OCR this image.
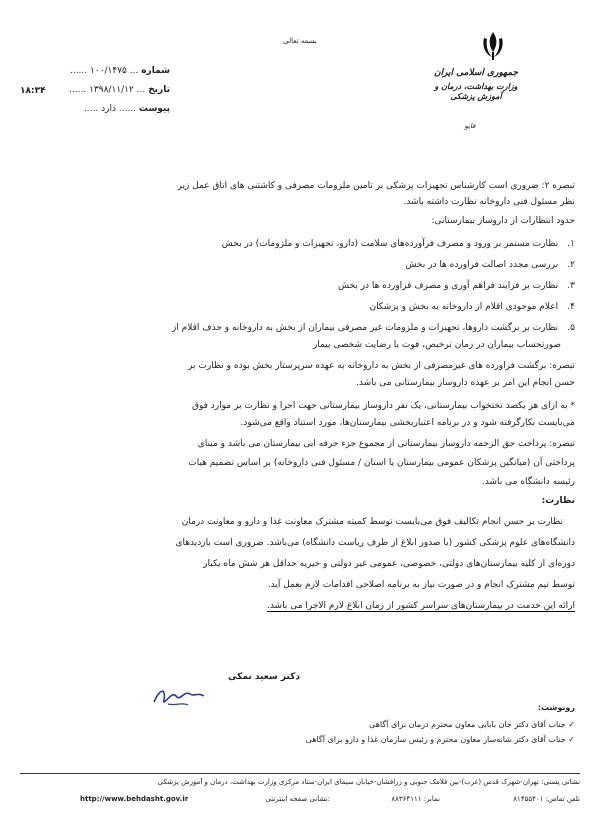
بسمه تعالی
جمهوری اسلامی ایران
وزارت بهداشت، درمان و آموزش پزشکی
فایو
شماره ... ۱۰۰/۱۴۷۵ ......
تاریخ ... ۱۳۹۸/۱۱/۱۲ ......
۱۸:۳۴
پیوست ...... دارد .....
تبصره ۲: ضروری است کارشناس تجهیزات پزشکی بر تامین ملزومات مصرفی و کاشتنی های اتاق عمل زیر
نظر مسئول فنی داروخانه نظارت داشته باشد.
حدود انتظارات از داروساز بیمارستانی:
۱. نظارت مستمر بر ورود و مصرف فرآورده‌های سلامت (دارو، تجهیزات و ملزومات) در بخش
۲. بررسی مجدد اصالت فراورده ها در بخش
۳. نظارت بر فرایند فراهم آوری و مصرف فراورده ها در بخش
۴. اعلام موجودی اقلام از داروخانه به بخش و پزشکان
۵. نظارت بر برگشت داروها، تجهیزات و ملزومات غیر مصرفی بیماران از بخش به داروخانه و حذف اقلام از
صورتحساب بیماران در زمان ترخیص، فوت یا رضایت شخصی بیمار
تبصره: برگشت فراورده های غیرمصرفی از بخش به داروخانه به عهده سرپرستار بخش بوده و نظارت بر
حسن انجام این امر بر عهده داروساز بیمارستانی می باشد.
* به ازای هر یکصد تختخواب بیمارستانی، یک نفر داروساز بیمارستانی جهت اجرا و نظارت بر موارد فوق
می‌بایست بکارگرفته شود و در برنامه اعتباربخشی بیمارستان‌ها، مورد استناد واقع می‌شود.
تبصره: پرداخت حق الزحمه داروساز بیمارستانی از مجموع جزء حرفه ایی بیمارستان می باشد و مبنای
پرداختی آن (میانگین پزشکان عمومی بیمارستان یا استان / مسئول فنی داروخانه) بر اساس تصمیم هیات
رئیسه دانشگاه می باشد.
نظارت:
نظارت بر حسن انجام تکالیف فوق می‌بایست توسط کمیته مشترک معاونت غذا و دارو و معاونت درمان
دانشگاه‌های علوم پزشکی کشور (با صدور ابلاغ از طرف ریاست دانشگاه) می‌باشد. ضروری است بازدیدهای
دوره‌ای از کلیه بیمارستان‌های دولتی، خصوصی، عمومی غیر دولتی و خیریه حداقل هر شش ماه یکبار
توسط تیم مشترک انجام و در صورت نیاز به برنامه اصلاحی اقدامات لازم بعمل آید.
ارائه این خدمت در بیمارستان‌های سراسر کشور از زمان ابلاغ لازم الاجرا می باشد.
دکتر سعید نمکی
رونوشت:
✓ جناب آقای دکتر جان بابایی معاون محترم درمان برای آگاهی
✓ جناب آقای دکتر شانه‌ساز معاون محترم و رئیس سازمان غذا و دارو برای آگاهی
نشانی پستی: تهران-شهرک قدس (غرب)-بین فلامک جنوبی و زرافشان-خیابان سیمای ایران-ستاد مرکزی وزارت بهداشت، درمان و آموزش پزشکی
تلفن تماس: ۸۱۴۵۵۴۰۱
نمابر: ۸۸۳۶۴۱۱۱
نشانی صفحه اینترنتی:
http://www.behdasht.gov.ir
